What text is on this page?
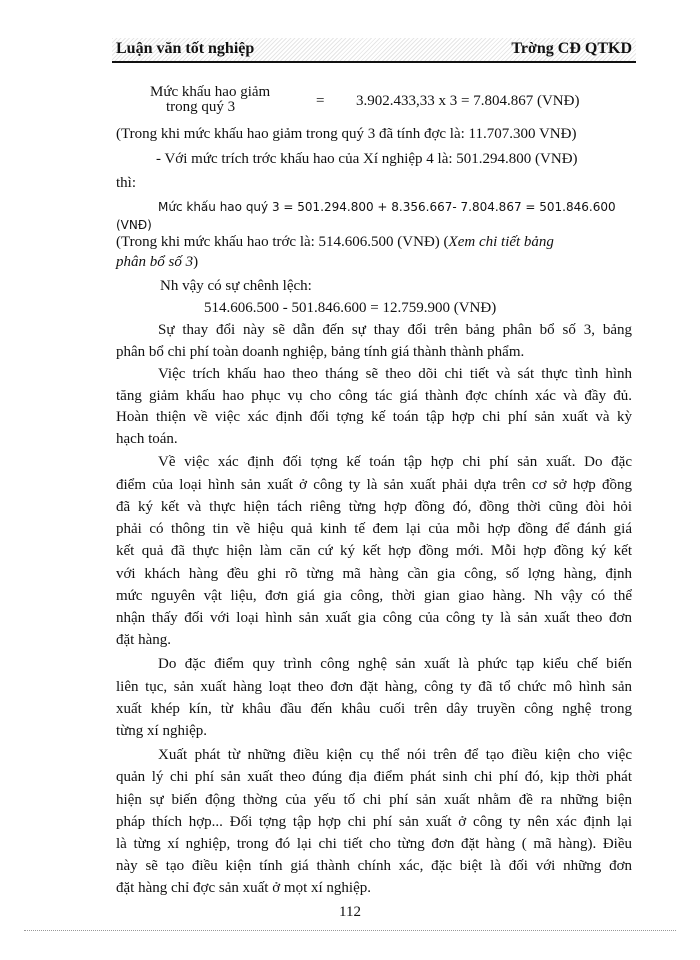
Luận văn tốt nghiệp	Trờng CĐ QTKD
Mức khấu hao giảm
trong quý 3	= 3.902.433,33 x 3 = 7.804.867 (VNĐ)
(Trong khi mức khấu hao giảm trong quý 3 đã tính đợc là: 11.707.300 VNĐ)
- Với mức trích trớc khấu hao của Xí nghiệp 4 là: 501.294.800 (VNĐ)
thì:
Mức khấu hao quý 3 = 501.294.800 + 8.356.667- 7.804.867 = 501.846.600
(VNĐ)
(Trong khi mức khấu hao trớc là: 514.606.500 (VNĐ) (Xem chi tiết bảng
phân bổ số 3)
Nh vậy có sự chênh lệch:
514.606.500 - 501.846.600 = 12.759.900 (VNĐ)
Sự thay đổi này sẽ dẫn đến sự thay đổi trên bảng phân bổ số 3, bảng
phân bổ chi phí toàn doanh nghiệp, bảng tính giá thành thành phẩm.
Việc trích khấu hao theo tháng sẽ theo dõi chi tiết và sát thực tình hình
tăng giảm khấu hao phục vụ cho công tác giá thành đợc chính xác và đầy đủ.
Hoàn thiện về việc xác định đối tợng kế toán tập hợp chi phí sản xuất và kỳ
hạch toán.
Về việc xác định đối tợng kế toán tập hợp chi phí sản xuất. Do đặc
điểm của loại hình sản xuất ở công ty là sản xuất phải dựa trên cơ sở hợp đồng
đã ký kết và thực hiện tách riêng từng hợp đồng đó, đồng thời cũng đòi hỏi
phải có thông tin về hiệu quả kinh tế đem lại của mỗi hợp đồng để đánh giá
kết quả đã thực hiện làm căn cứ ký kết hợp đồng mới. Mỗi hợp đồng ký kết
với khách hàng đều ghi rõ từng mã hàng cần gia công, số lợng hàng, định
mức nguyên vật liệu, đơn giá gia công, thời gian giao hàng. Nh vậy có thể
nhận thấy đối với loại hình sản xuất gia công của công ty là sản xuất theo đơn
đặt hàng.
Do đặc điểm quy trình công nghệ sản xuất là phức tạp kiểu chế biến
liên tục, sản xuất hàng loạt theo đơn đặt hàng, công ty đã tổ chức mô hình sản
xuất khép kín, từ khâu đầu đến khâu cuối trên dây truyền công nghệ trong
từng xí nghiệp.
Xuất phát từ những điều kiện cụ thể nói trên để tạo điều kiện cho việc
quản lý chi phí sản xuất theo đúng địa điểm phát sinh chi phí đó, kịp thời phát
hiện sự biến động thờng của yếu tố chi phí sản xuất nhằm đề ra những biện
pháp thích hợp... Đối tợng tập hợp chi phí sản xuất ở công ty nên xác định lại
là từng xí nghiệp, trong đó lại chi tiết cho từng đơn đặt hàng ( mã hàng). Điều
này sẽ tạo điều kiện tính giá thành chính xác, đặc biệt là đối với những đơn
đặt hàng chỉ đợc sản xuất ở mọt xí nghiệp.
112
